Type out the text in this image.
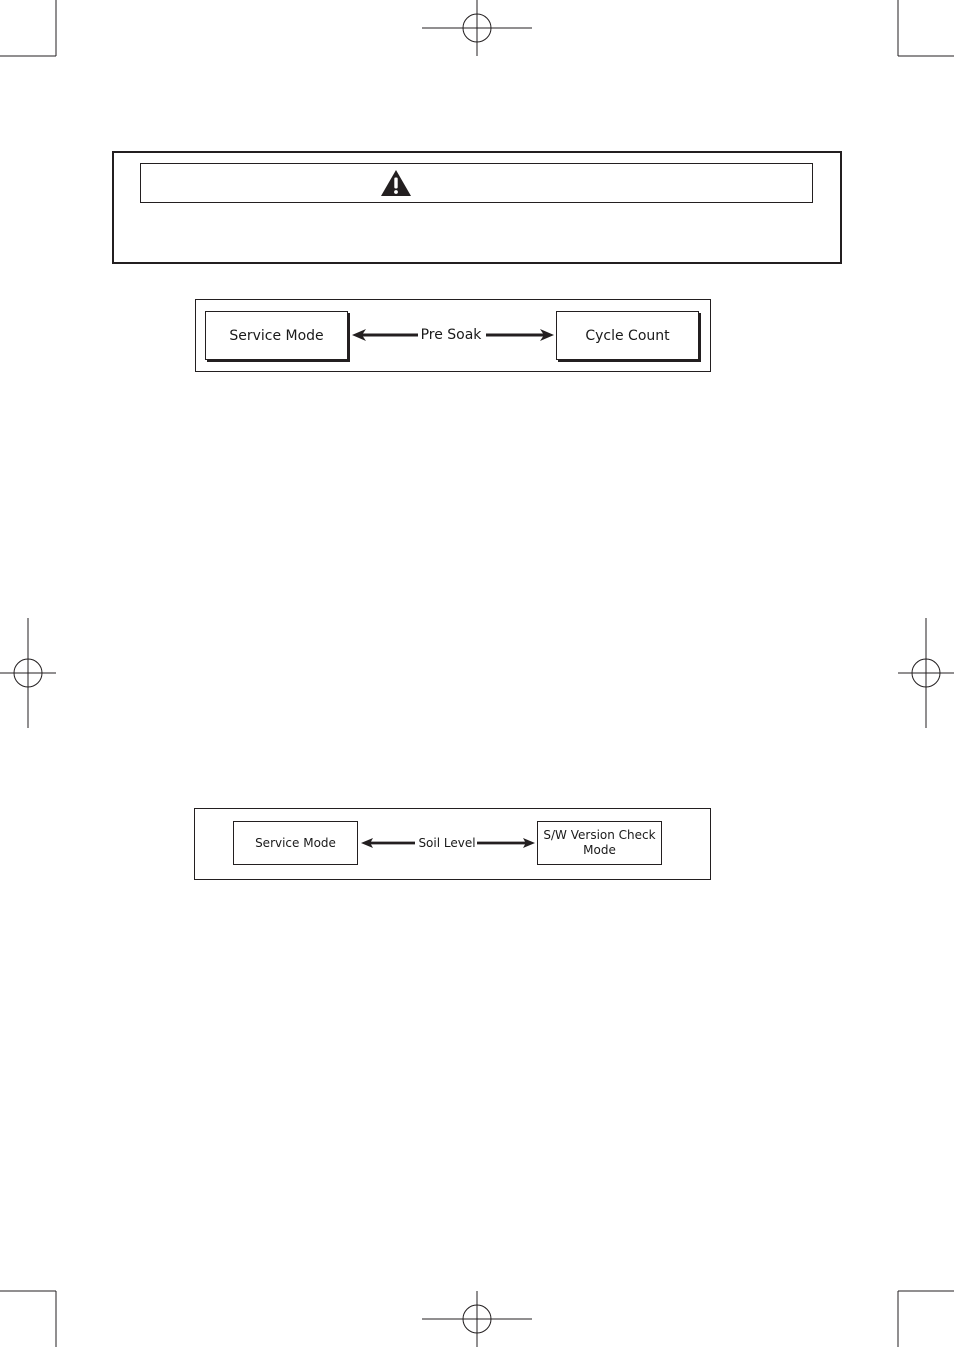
Service Mode	Pre Soak	Cycle Count
Service Mode	Soil Level
S/W Version Check
Mode
